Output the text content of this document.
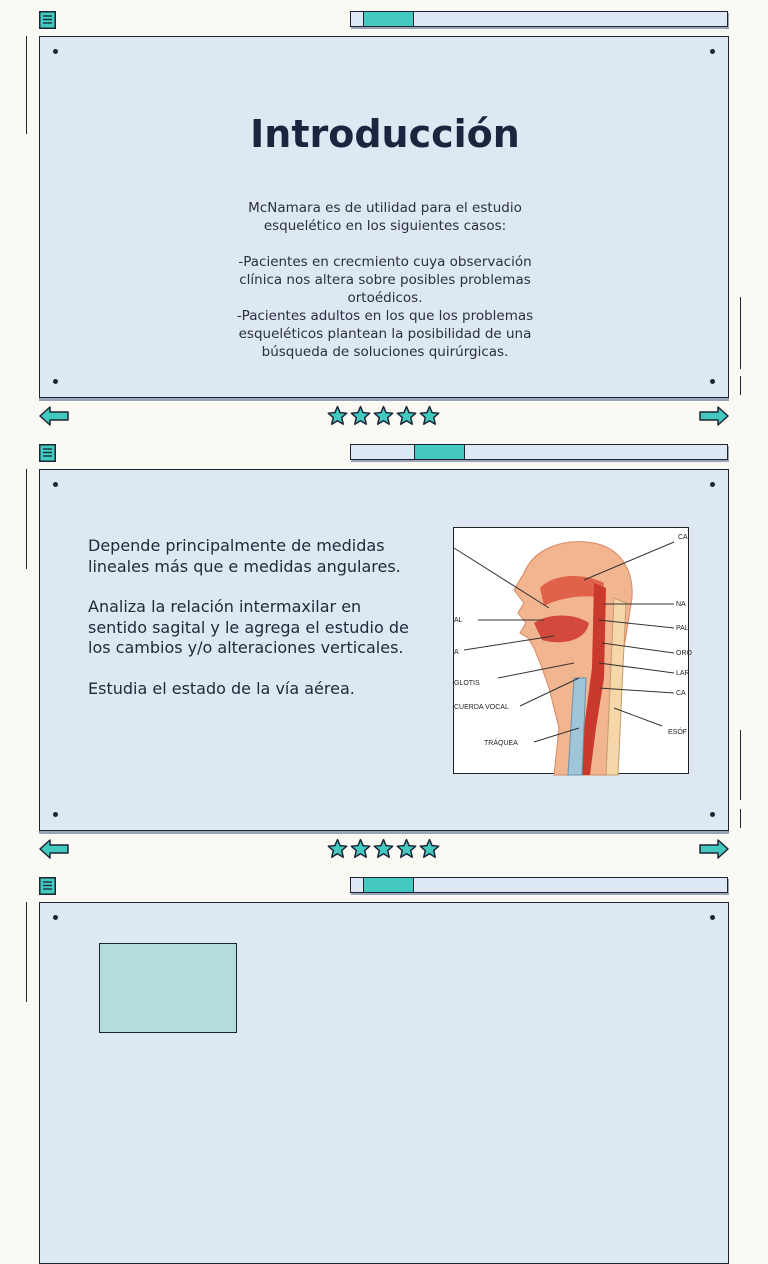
Introducción

McNamara es de utilidad para el estudio esquelético en los siguientes casos:

-Pacientes en crecmiento cuya observación clínica nos altera sobre posibles problemas ortoédicos.

-Pacientes adultos en los que los problemas esqueléticos plantean la posibilidad de una búsqueda de soluciones quirúrgicas.

Depende principalmente de medidas lineales más que e medidas angulares.

Analiza la relación intermaxilar en sentido sagital y le agrega el estudio de los cambios y/o alteraciones verticales.

Estudia el estado de la vía aérea.

CA
NA
PAL
ORO
LAR
CA
ESÓF
AL
A
GLOTIS
CUERDA VOCAL
TRÁQUEA
